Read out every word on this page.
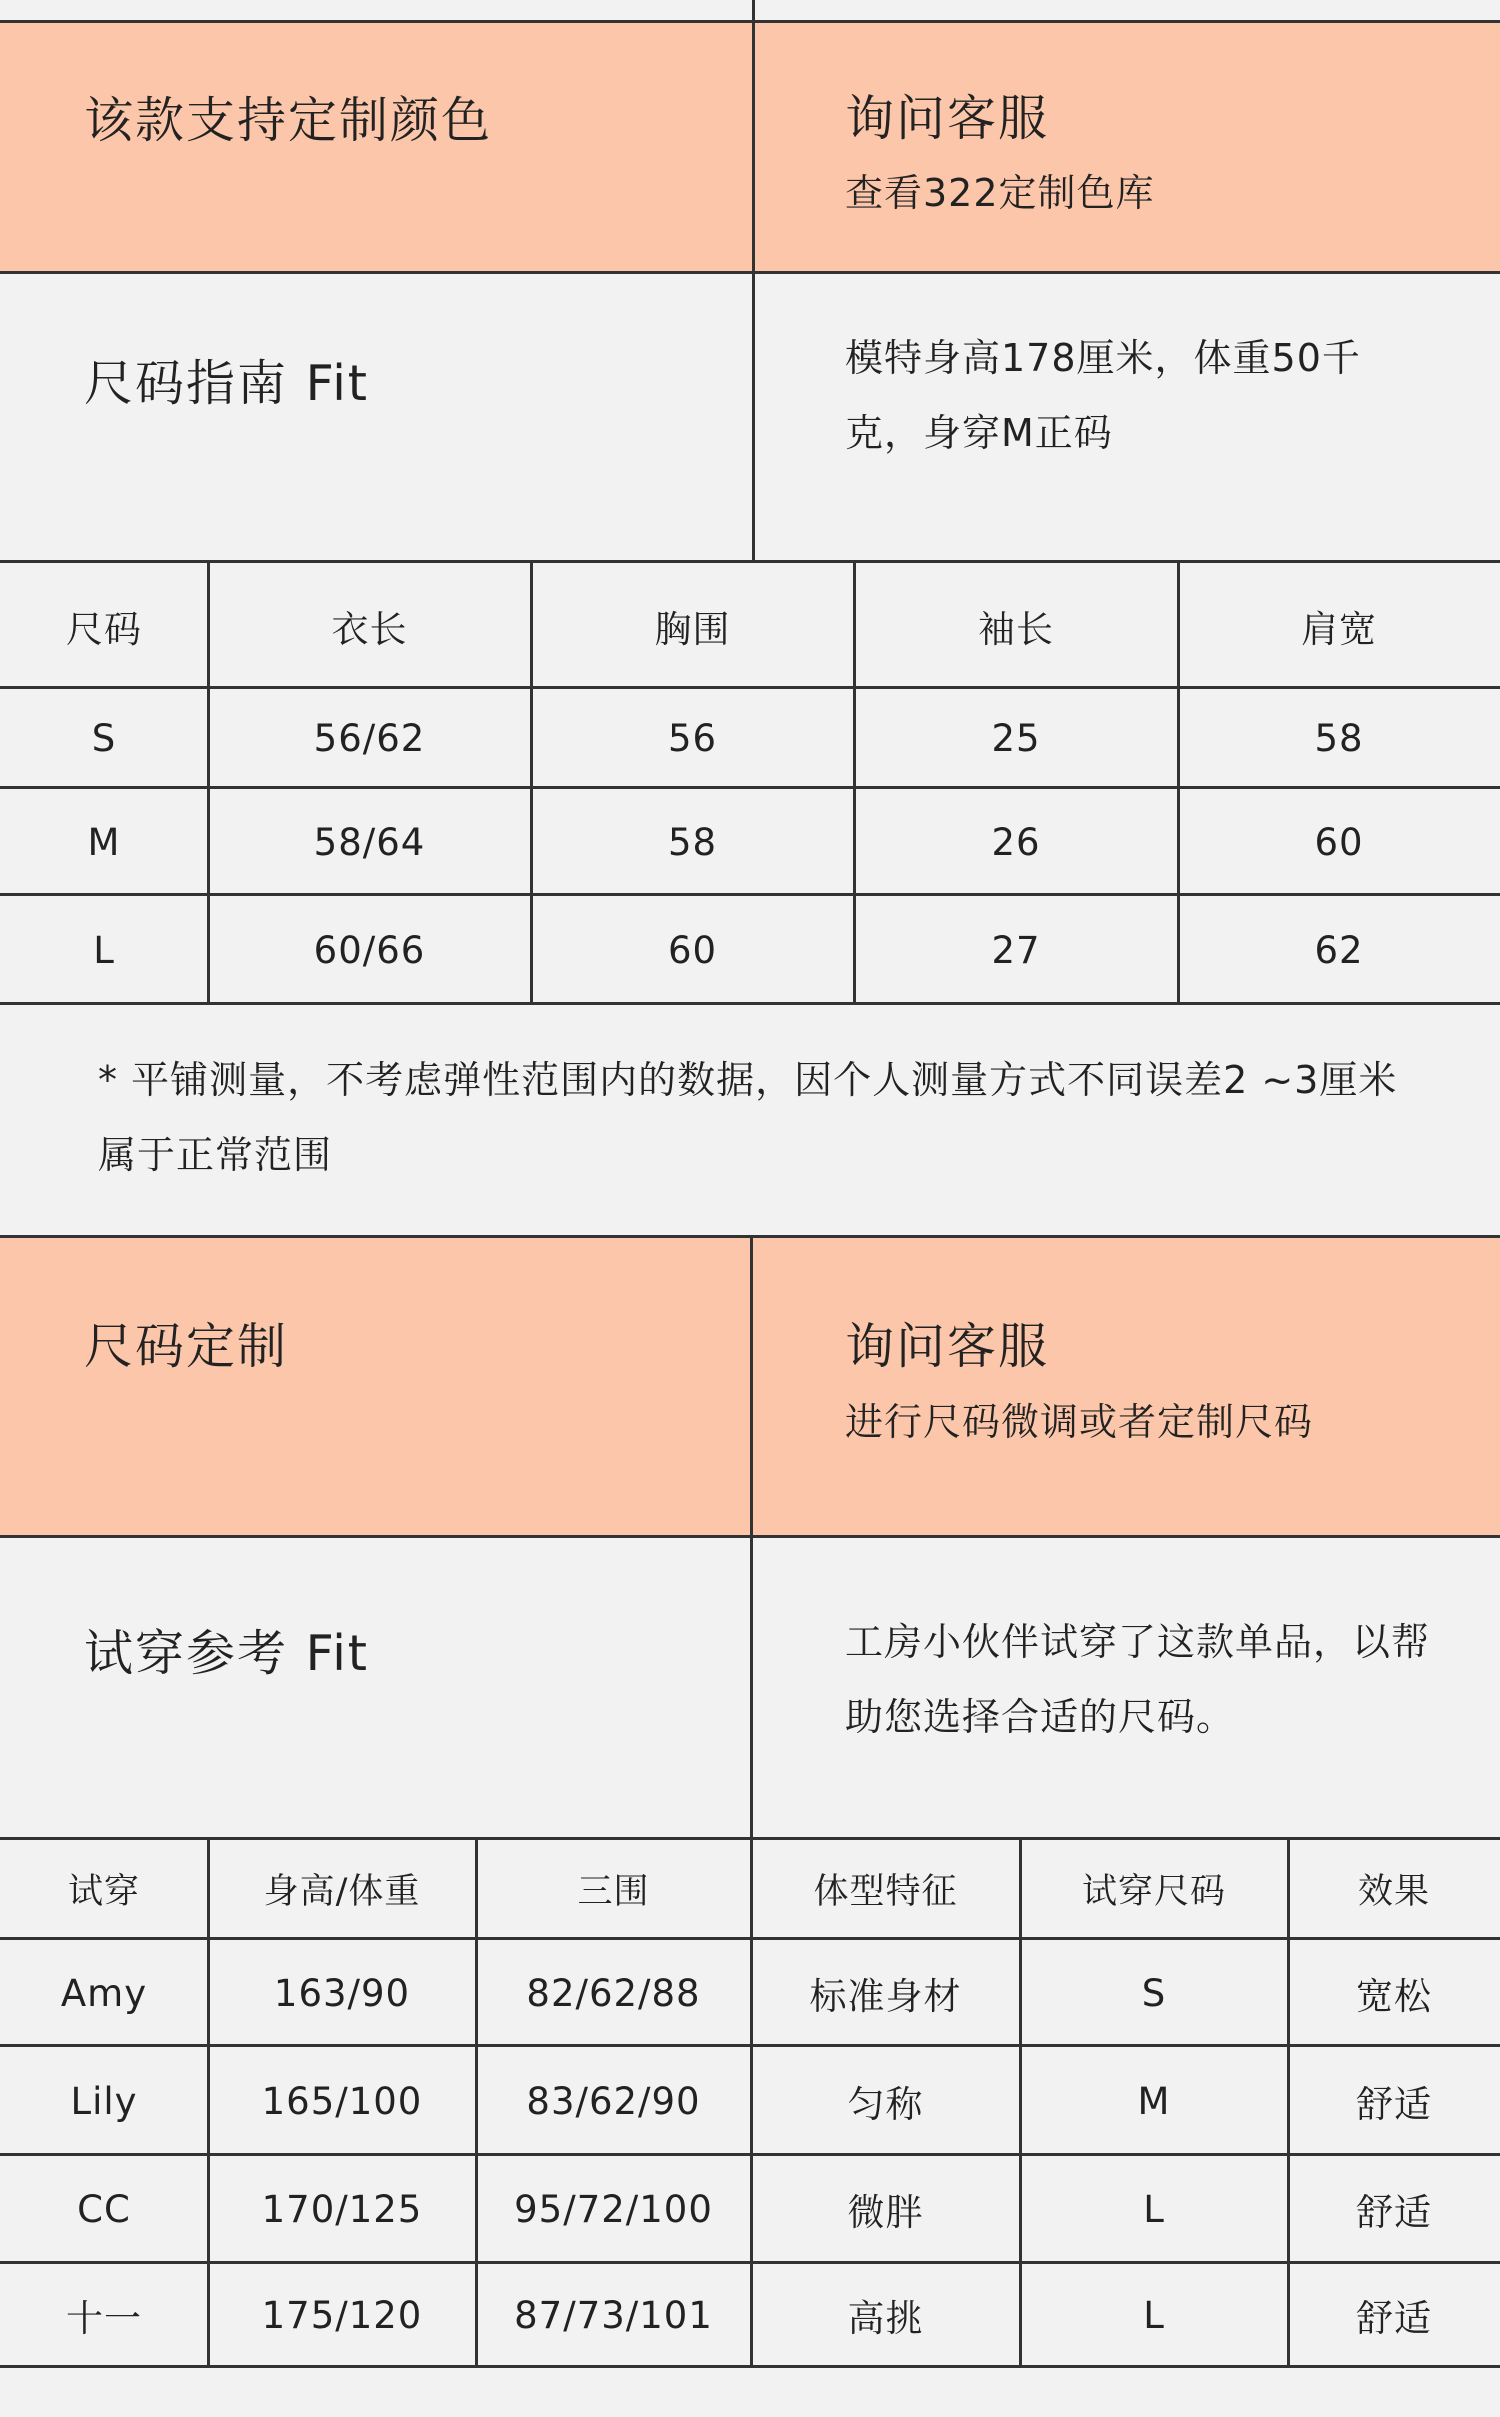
该款支持定制颜色	询问客服
查看322定制色库
尺码指南 Fit	模特身高178厘米，体重50千克，身穿M正码
尺码	衣长	胸围	袖长	肩宽
S	56/62	56	25	58
M	58/64	58	26	60
L	60/66	60	27	62
* 平铺测量，不考虑弹性范围内的数据，因个人测量方式不同误差2 ~3厘米属于正常范围
尺码定制	询问客服
进行尺码微调或者定制尺码
试穿参考 Fit	工房小伙伴试穿了这款单品，以帮助您选择合适的尺码。
试穿	身高/体重	三围	体型特征	试穿尺码	效果
Amy	163/90	82/62/88	标准身材	S	宽松
Lily	165/100	83/62/90	匀称	M	舒适
CC	170/125	95/72/100	微胖	L	舒适
十一	175/120	87/73/101	高挑	L	舒适
